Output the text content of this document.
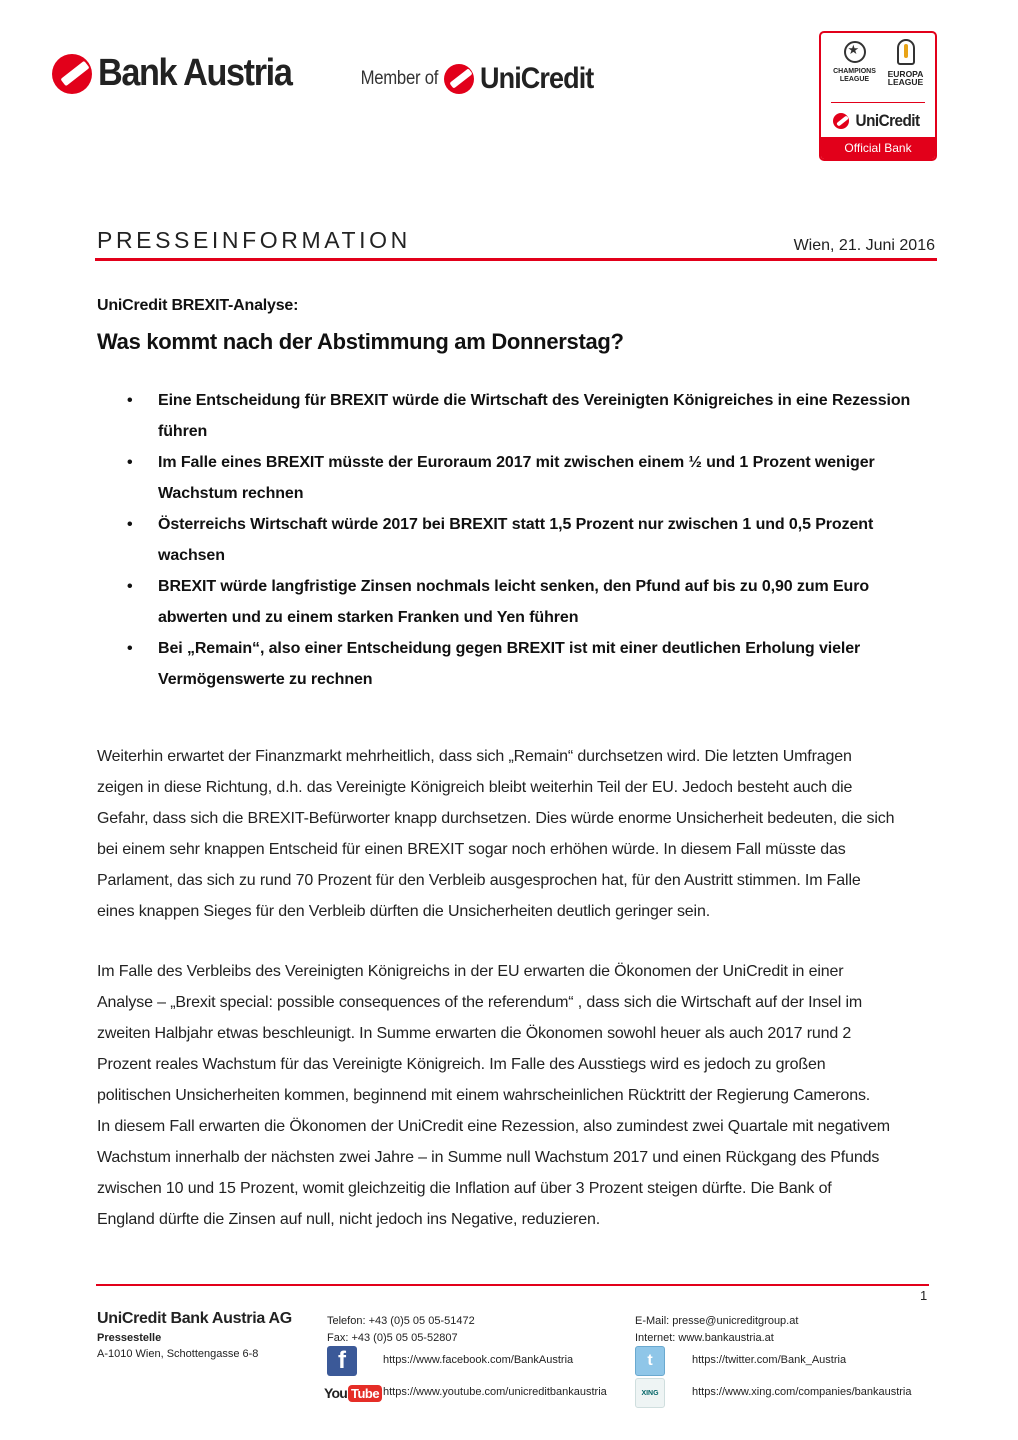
Bank Austria	Member of UniCredit
★	CHAMPIONS LEAGUE
EUROPA LEAGUE
UniCredit
Official Bank
PRESSEINFORMATION	Wien, 21. Juni 2016
UniCredit BREXIT-Analyse:
Was kommt nach der Abstimmung am Donnerstag?
• Eine Entscheidung für BREXIT würde die Wirtschaft des Vereinigten Königreiches in eine Rezession
führen
• Im Falle eines BREXIT müsste der Euroraum 2017 mit zwischen einem ½ und 1 Prozent weniger
Wachstum rechnen
• Österreichs Wirtschaft würde 2017 bei BREXIT statt 1,5 Prozent nur zwischen 1 und 0,5 Prozent
wachsen
• BREXIT würde langfristige Zinsen nochmals leicht senken, den Pfund auf bis zu 0,90 zum Euro
abwerten und zu einem starken Franken und Yen führen
• Bei „Remain“, also einer Entscheidung gegen BREXIT ist mit einer deutlichen Erholung vieler
Vermögenswerte zu rechnen
Weiterhin erwartet der Finanzmarkt mehrheitlich, dass sich „Remain“ durchsetzen wird. Die letzten Umfragen
zeigen in diese Richtung, d.h. das Vereinigte Königreich bleibt weiterhin Teil der EU. Jedoch besteht auch die
Gefahr, dass sich die BREXIT-Befürworter knapp durchsetzen. Dies würde enorme Unsicherheit bedeuten, die sich
bei einem sehr knappen Entscheid für einen BREXIT sogar noch erhöhen würde. In diesem Fall müsste das
Parlament, das sich zu rund 70 Prozent für den Verbleib ausgesprochen hat, für den Austritt stimmen. Im Falle
eines knappen Sieges für den Verbleib dürften die Unsicherheiten deutlich geringer sein.
Im Falle des Verbleibs des Vereinigten Königreichs in der EU erwarten die Ökonomen der UniCredit in einer
Analyse – „Brexit special: possible consequences of the referendum“ , dass sich die Wirtschaft auf der Insel im
zweiten Halbjahr etwas beschleunigt. In Summe erwarten die Ökonomen sowohl heuer als auch 2017 rund 2
Prozent reales Wachstum für das Vereinigte Königreich. Im Falle des Ausstiegs wird es jedoch zu großen
politischen Unsicherheiten kommen, beginnend mit einem wahrscheinlichen Rücktritt der Regierung Camerons.
In diesem Fall erwarten die Ökonomen der UniCredit eine Rezession, also zumindest zwei Quartale mit negativem
Wachstum innerhalb der nächsten zwei Jahre – in Summe null Wachstum 2017 und einen Rückgang des Pfunds
zwischen 10 und 15 Prozent, womit gleichzeitig die Inflation auf über 3 Prozent steigen dürfte. Die Bank of
England dürfte die Zinsen auf null, nicht jedoch ins Negative, reduzieren.
1
UniCredit Bank Austria AG
Pressestelle
A-1010 Wien, Schottengasse 6-8
Telefon: +43 (0)5 05 05-51472
Fax: +43 (0)5 05 05-52807
E-Mail: presse@unicreditgroup.at
Internet: www.bankaustria.at
f	https://www.facebook.com/BankAustria	t	https://twitter.com/Bank_Austria
You Tube https://www.youtube.com/unicreditbankaustria	XING	https://www.xing.com/companies/bankaustria
